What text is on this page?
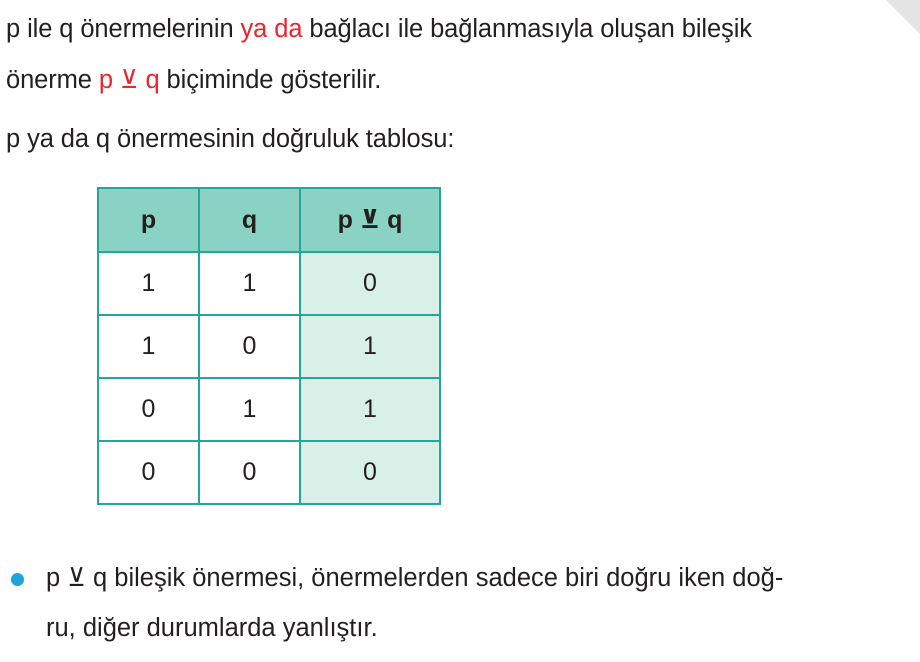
p ile q önermelerinin ya da bağlacı ile bağlanmasıyla oluşan bileşik
önerme p ⊻ q biçiminde gösterilir.
p ya da q önermesinin doğruluk tablosu:
p	q	p ⊻ q
1	1	0
1	0	1
0	1	1
0	0	0
p ⊻ q bileşik önermesi, önermelerden sadece biri doğru iken doğ-
ru, diğer durumlarda yanlıştır.
